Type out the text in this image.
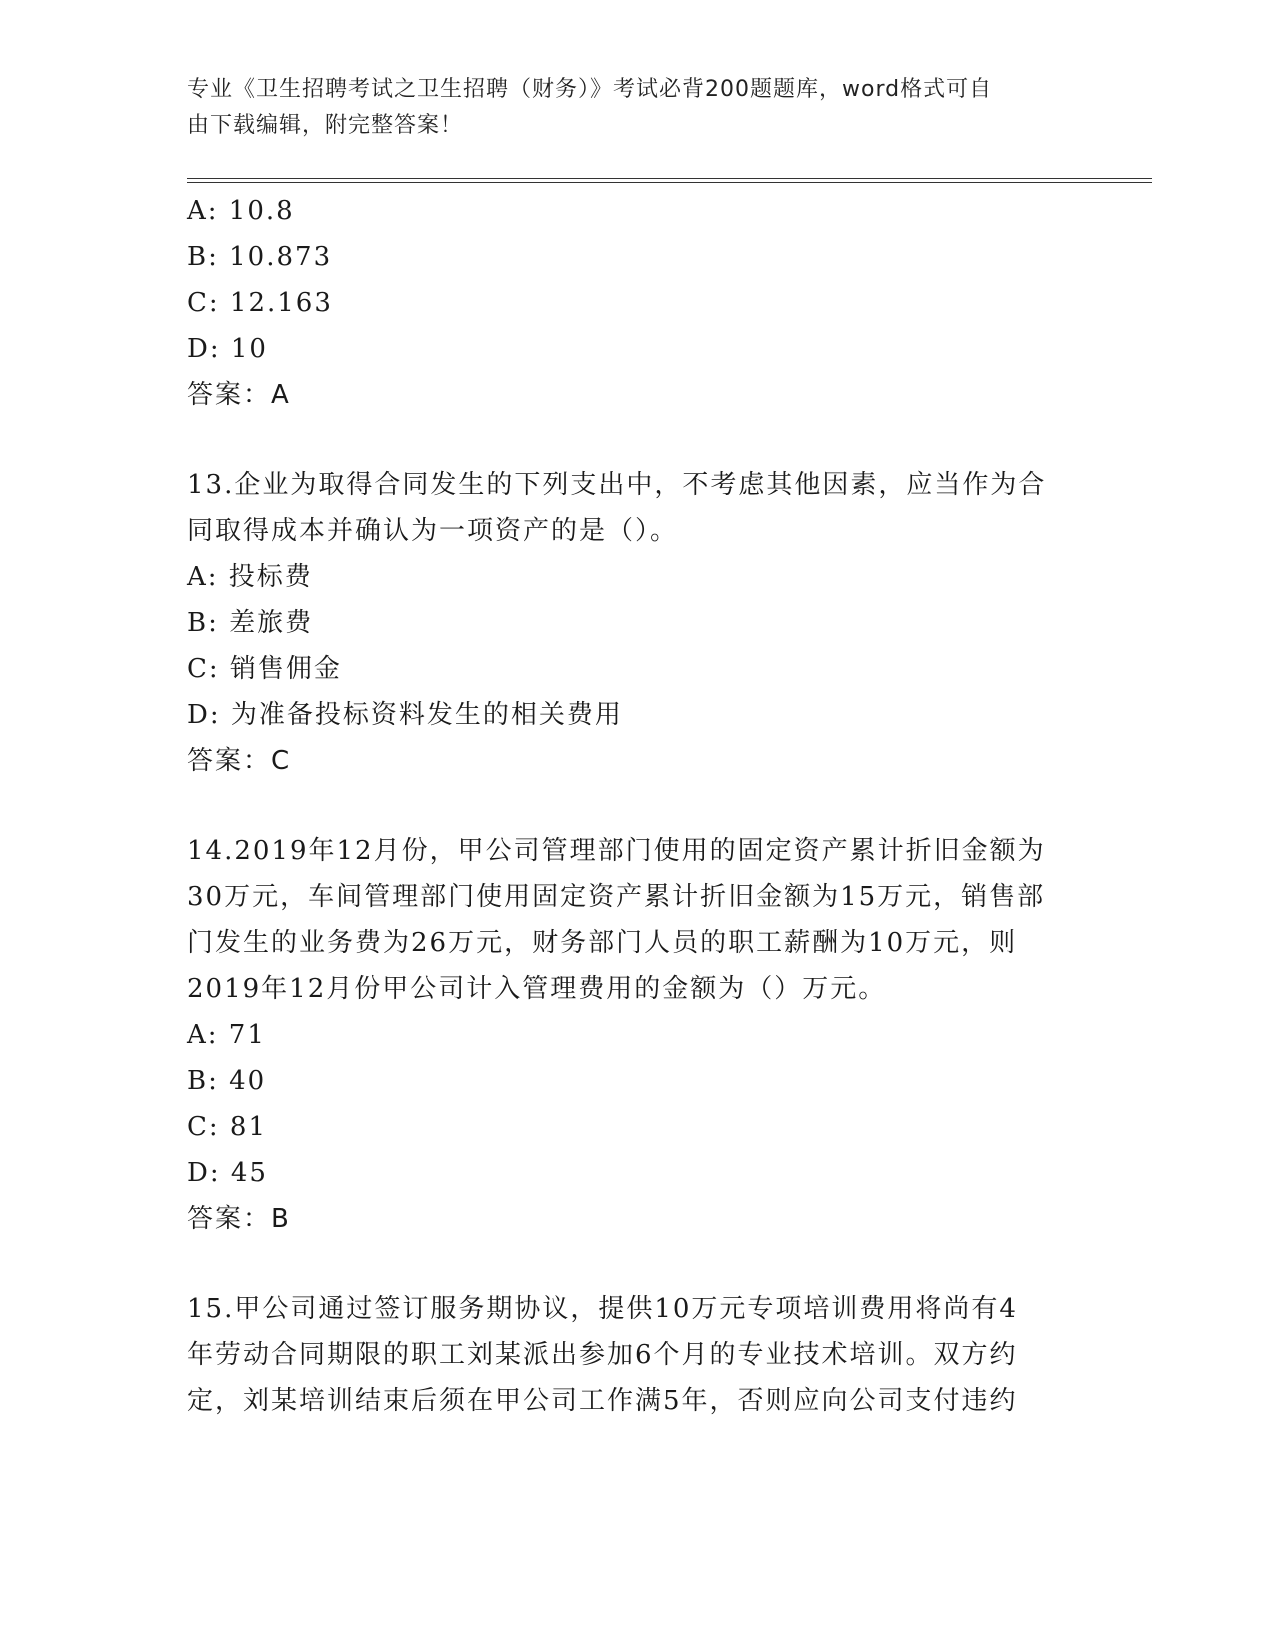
专业《卫生招聘考试之卫生招聘（财务）》考试必背200题题库，word格式可自
由下载编辑，附完整答案！
A: 10.8
B: 10.873
C: 12.163
D: 10
答案：A
13.企业为取得合同发生的下列支出中，不考虑其他因素，应当作为合
同取得成本并确认为一项资产的是（）。
A: 投标费
B: 差旅费
C: 销售佣金
D: 为准备投标资料发生的相关费用
答案：C
14.2019年12月份，甲公司管理部门使用的固定资产累计折旧金额为
30万元，车间管理部门使用固定资产累计折旧金额为15万元，销售部
门发生的业务费为26万元，财务部门人员的职工薪酬为10万元，则
2019年12月份甲公司计入管理费用的金额为（）万元。
A: 71
B: 40
C: 81
D: 45
答案：B
15.甲公司通过签订服务期协议，提供10万元专项培训费用将尚有4
年劳动合同期限的职工刘某派出参加6个月的专业技术培训。双方约
定，刘某培训结束后须在甲公司工作满5年，否则应向公司支付违约
